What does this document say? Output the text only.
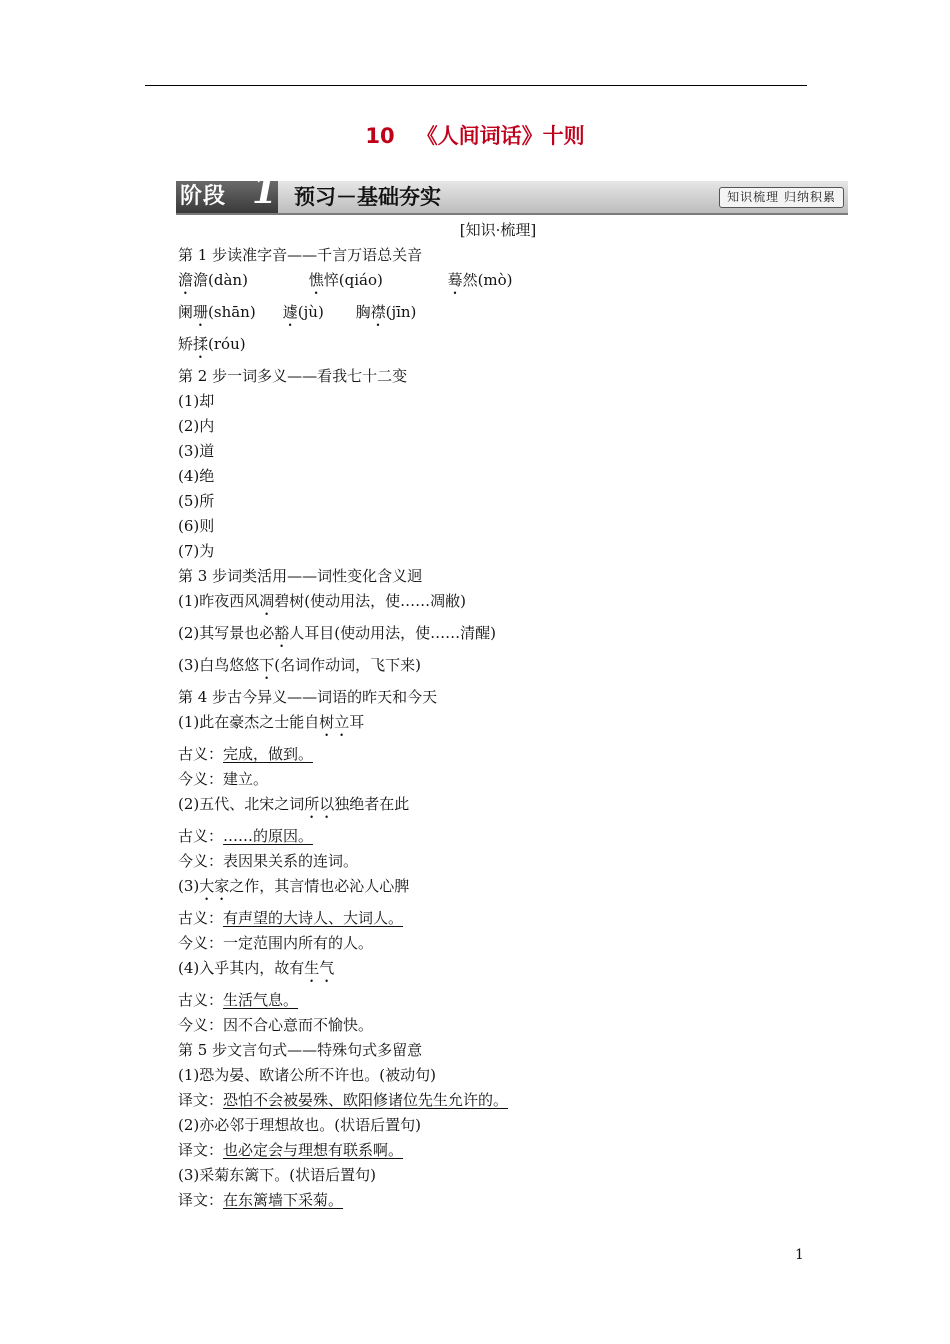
10 《人间词话》十则
阶段 1 预习－基础夯实	知识梳理 归纳积累
[知识·梳理]
第 1 步读准字音——千言万语总关音
澹澹(dàn)	憔悴(qiáo)	蓦然(mò)
阑珊(shān) 遽(jù) 胸襟(jīn)
矫揉(róu)
第 2 步一词多义——看我七十二变
(1)却
(2)内
(3)道
(4)绝
(5)所
(6)则
(7)为
第 3 步词类活用——词性变化含义迥
(1)昨夜西风凋碧树(使动用法，使……凋敝)
(2)其写景也必豁人耳目(使动用法，使……清醒)
(3)白鸟悠悠下(名词作动词，飞下来)
第 4 步古今异义——词语的昨天和今天
(1)此在豪杰之士能自树立耳
古义：完成，做到。
今义：建立。
(2)五代、北宋之词所以独绝者在此
古义：……的原因。
今义：表因果关系的连词。
(3)大家之作，其言情也必沁人心脾
古义：有声望的大诗人、大词人。
今义：一定范围内所有的人。
(4)入乎其内，故有生气
古义：生活气息。
今义：因不合心意而不愉快。
第 5 步文言句式——特殊句式多留意
(1)恐为晏、欧诸公所不许也。(被动句)
译文：恐怕不会被晏殊、欧阳修诸位先生允许的。
(2)亦必邻于理想故也。(状语后置句)
译文：也必定会与理想有联系啊。
(3)采菊东篱下。(状语后置句)
译文：在东篱墙下采菊。
1
